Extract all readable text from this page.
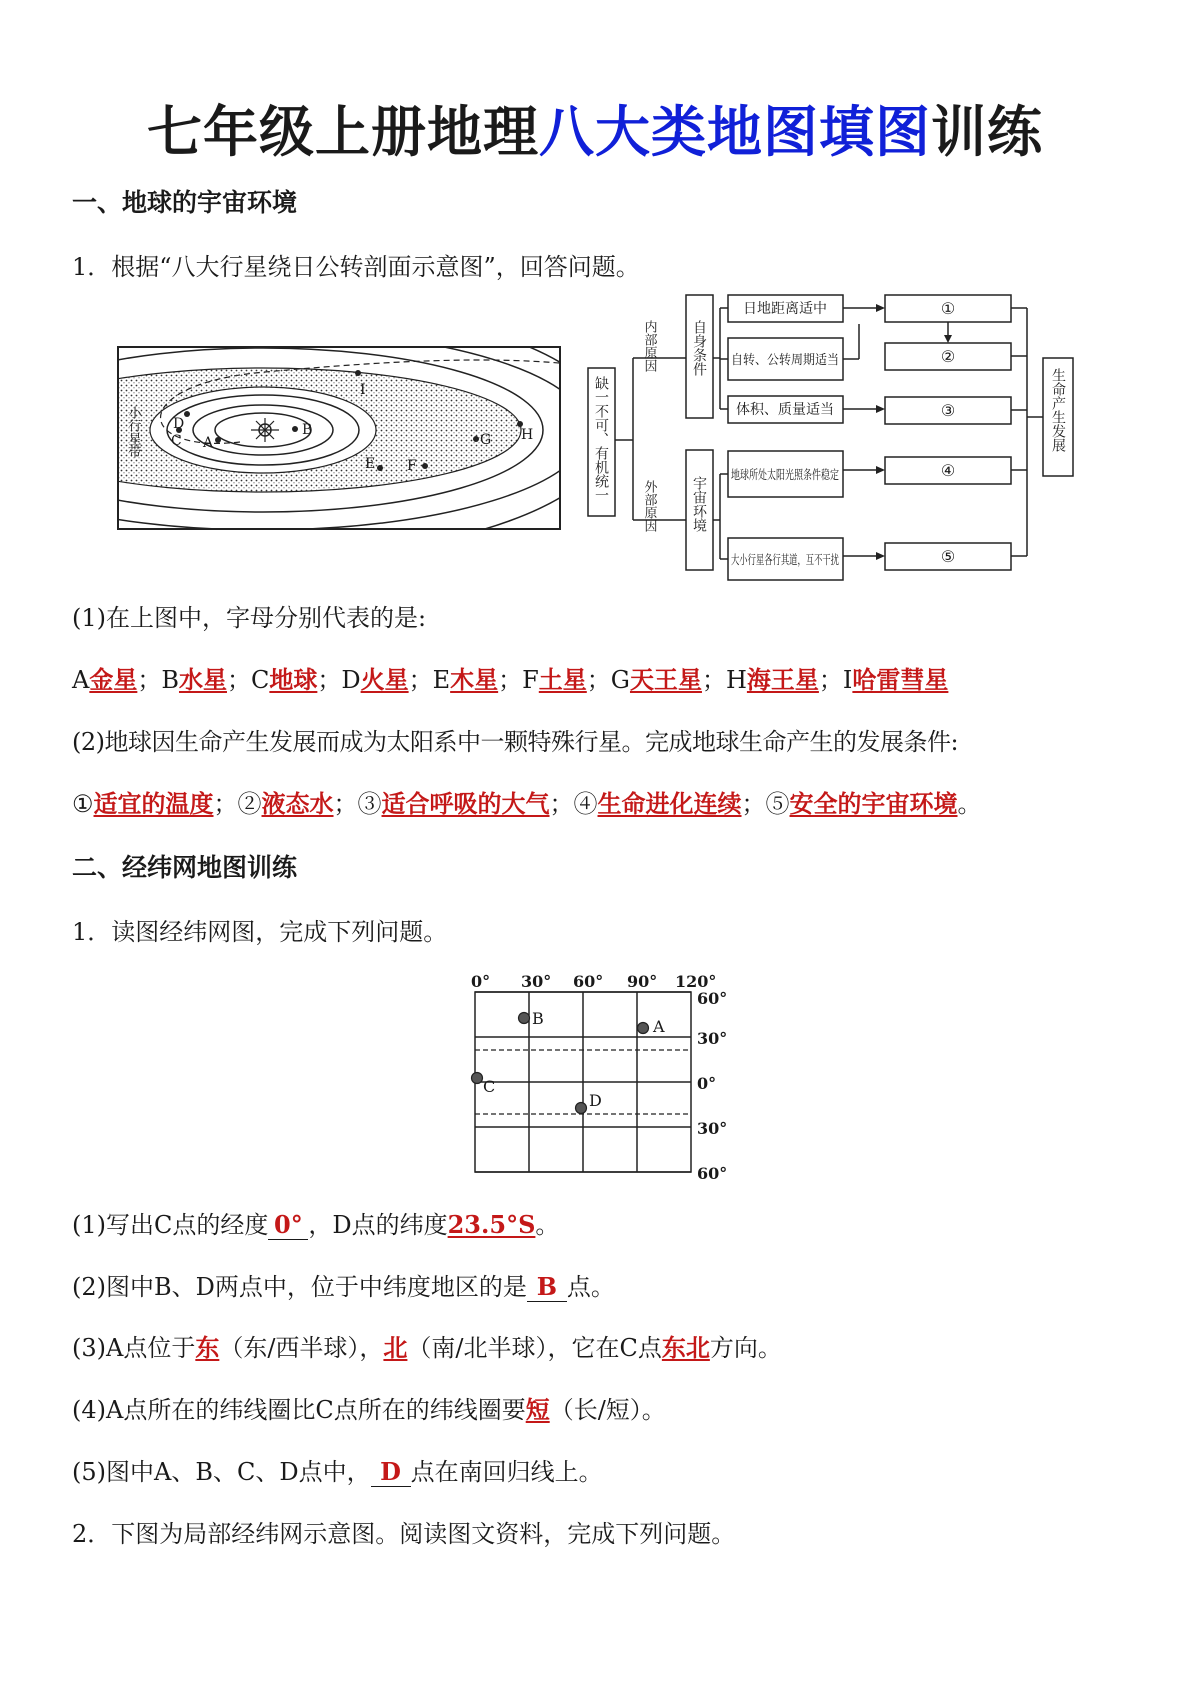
七年级上册地理八大类地图填图训练
一、地球的宇宙环境
1．根据“八大行星绕日公转剖面示意图”，回答问题。
D
C A
B
I
E F
G H
小行星带	缺一不可、有机统一
内部原因
外部原因
自身条件
宇宙环境
日地距离适中
自转、公转周期适当
体积、质量适当
地球所处太阳光照条件稳定
大小行星各行其道，互不干扰
①
②
③
④
⑤
生命产生发展
(1)在上图中，字母分别代表的是:
A金星；B水星；C地球；D火星；E木星；F土星；G天王星；H海王星；I哈雷彗星
(2)地球因生命产生发展而成为太阳系中一颗特殊行星。完成地球生命产生的发展条件:
①适宜的温度；②液态水；③适合呼吸的大气；④生命进化连续；⑤安全的宇宙环境。
二、经纬网地图训练
1．读图经纬网图，完成下列问题。
0° 30° 60° 90° 120°
60°
30°
0°
30°
60°
A
B
C
D
(1)写出C点的经度 0° ，D点的纬度23.5°S。
(2)图中B、D两点中，位于中纬度地区的是 B 点。
(3)A点位于东（东/西半球），北（南/北半球），它在C点东北方向。
(4)A点所在的纬线圈比C点所在的纬线圈要短（长/短）。
(5)图中A、B、C、D点中， D 点在南回归线上。
2．下图为局部经纬网示意图。阅读图文资料，完成下列问题。
